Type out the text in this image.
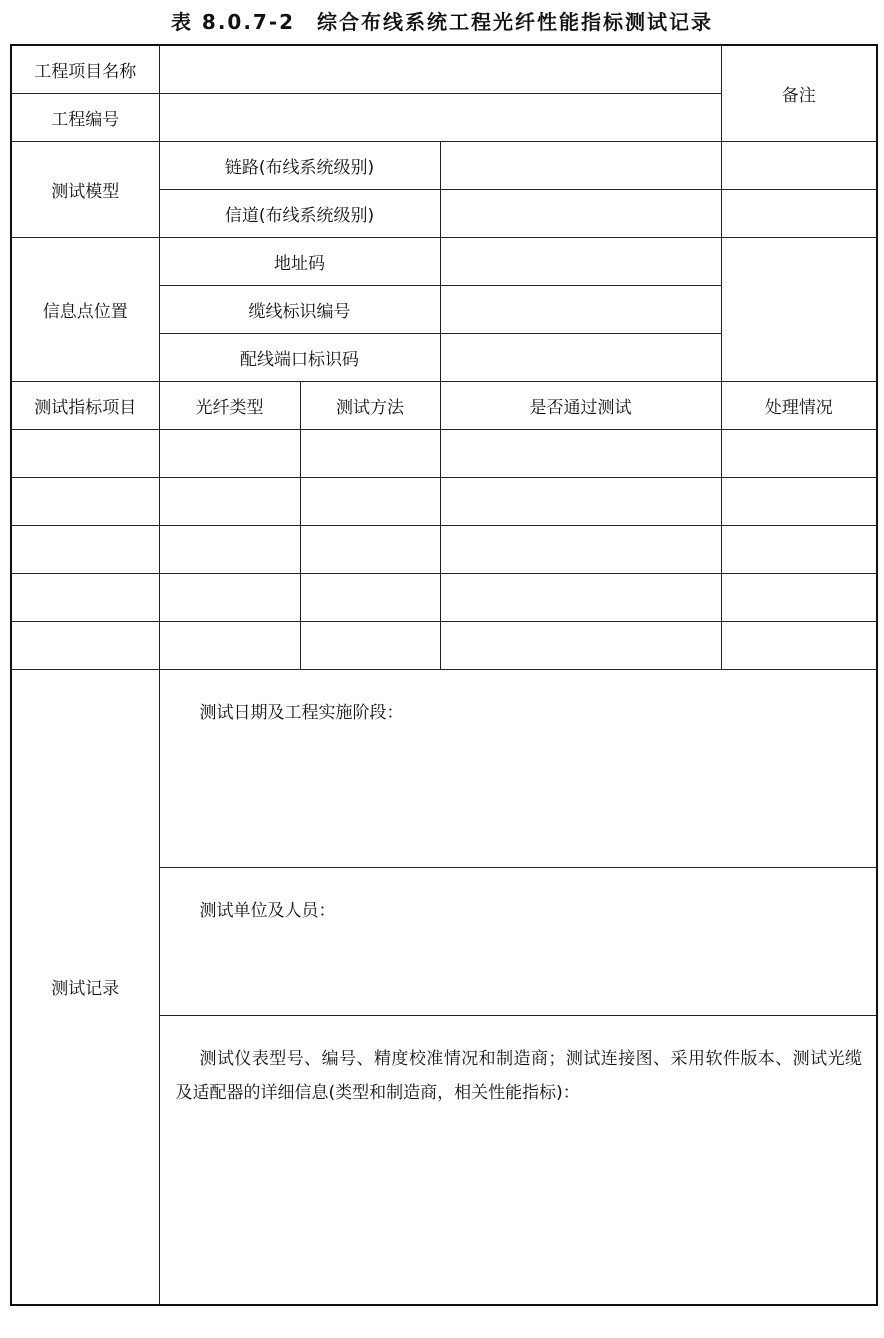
表 8.0.7-2　综合布线系统工程光纤性能指标测试记录
工程项目名称				备注
工程编号				
测试模型	链路(布线系统级别)			
	信道(布线系统级别)			
信息点位置	地址码			
	缆线标识编号			
	配线端口标识码			
测试指标项目	光纤类型	测试方法	是否通过测试	处理情况

测试记录	测试日期及工程实施阶段：			

	测试单位及人员：			

	测试仪表型号、编号、精度校准情况和制造商；测试连接图、采用软件版本、测试光缆及适配器的详细信息(类型和制造商，相关性能指标)：			
